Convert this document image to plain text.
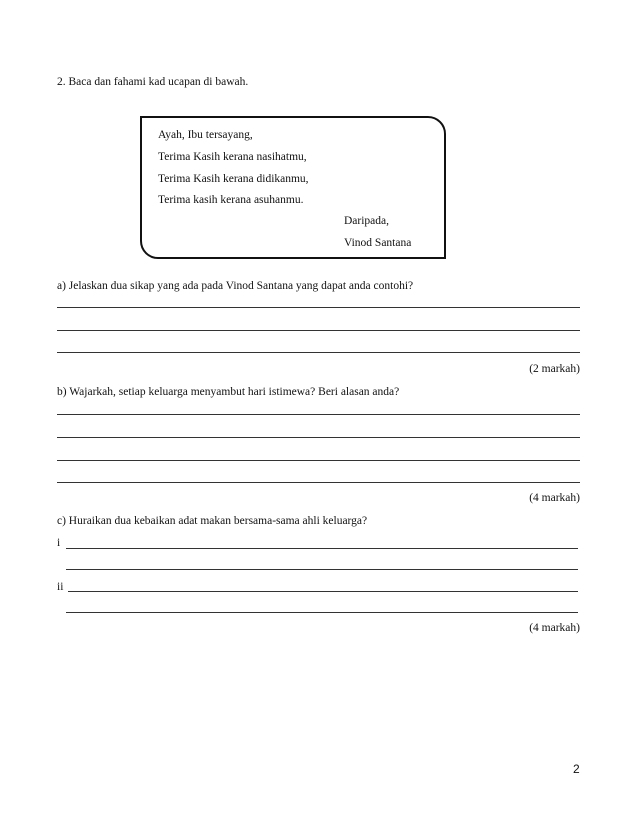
2. Baca dan fahami kad ucapan di bawah.
Ayah, Ibu tersayang,
Terima Kasih kerana nasihatmu,
Terima Kasih kerana didikanmu,
Terima kasih kerana asuhanmu.
Daripada,
Vinod Santana
a) Jelaskan dua sikap yang ada pada Vinod Santana yang dapat anda contohi?
(2 markah)
b) Wajarkah, setiap keluarga menyambut hari istimewa? Beri alasan anda?
(4 markah)
c) Huraikan dua kebaikan adat makan bersama-sama ahli keluarga?
i
ii
(4 markah)
2
